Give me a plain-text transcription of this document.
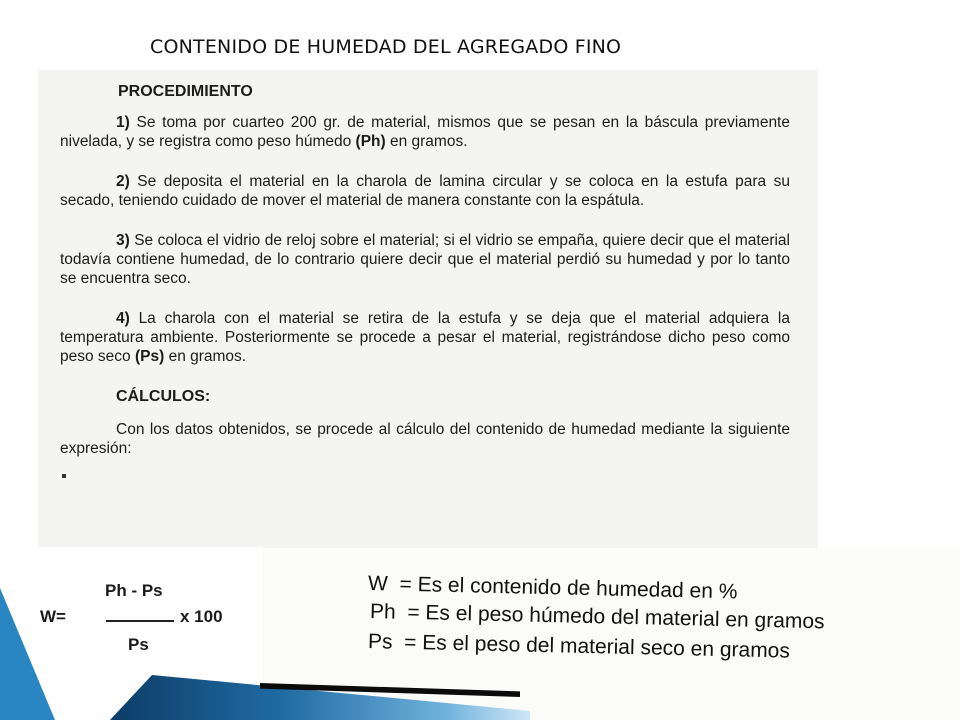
CONTENIDO DE HUMEDAD DEL AGREGADO FINO
PROCEDIMIENTO

1) Se toma por cuarteo 200 gr. de material, mismos que se pesan en la báscula previamente nivelada, y se registra como peso húmedo (Ph) en gramos.

2) Se deposita el material en la charola de lamina circular y se coloca en la estufa para su secado, teniendo cuidado de mover el material de manera constante con la espátula.

3) Se coloca el vidrio de reloj sobre el material; si el vidrio se empaña, quiere decir que el material todavía contiene humedad, de lo contrario quiere decir que el material perdió su humedad y por lo tanto se encuentra seco.

4) La charola con el material se retira de la estufa y se deja que el material adquiera la temperatura ambiente. Posteriormente se procede a pesar el material, registrándose dicho peso como peso seco (Ps) en gramos.

CÁLCULOS:

Con los datos obtenidos, se procede al cálculo del contenido de humedad mediante la siguiente expresión:

Ph - Ps
W=	x 100
Ps
W = Es el contenido de humedad en %
Ph = Es el peso húmedo del material en gramos
Ps = Es el peso del material seco en gramos
